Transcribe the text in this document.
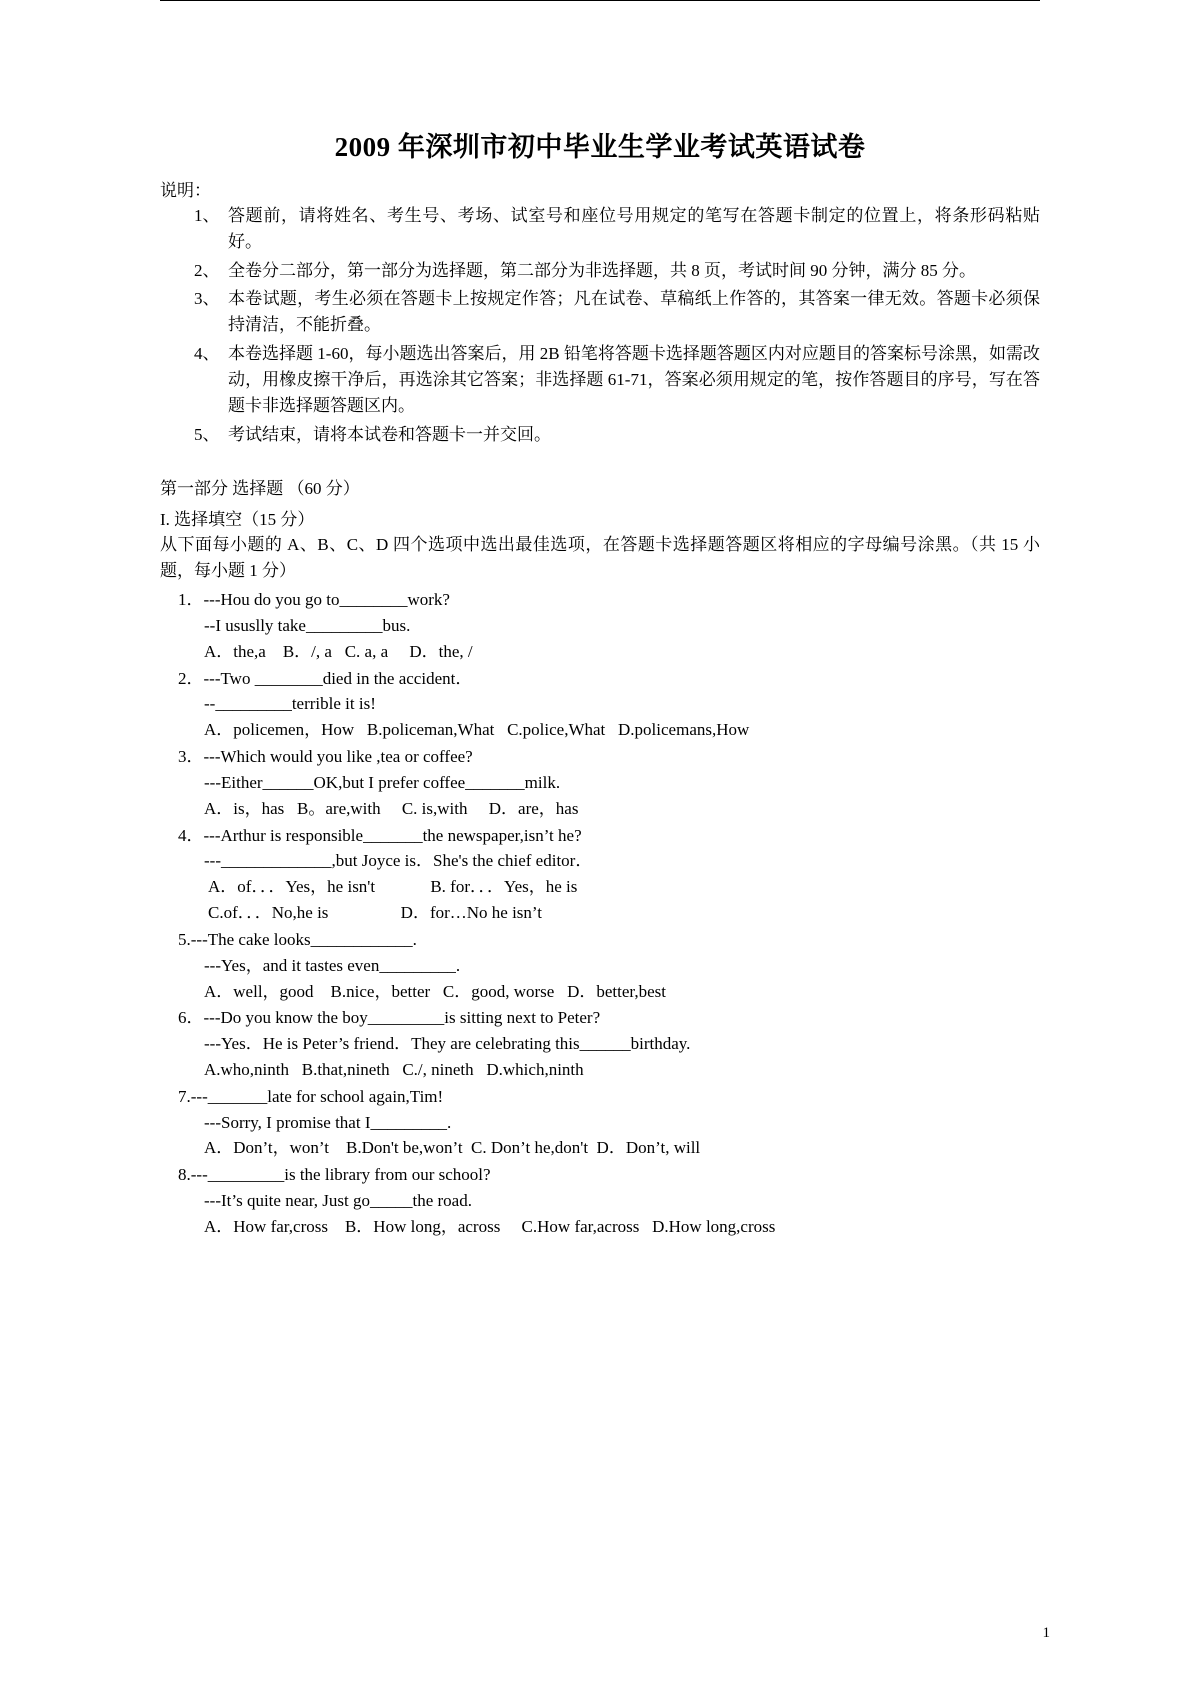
2009 年深圳市初中毕业生学业考试英语试卷
说明：
1、 答题前，请将姓名、考生号、考场、试室号和座位号用规定的笔写在答题卡制定的位置上，将条形码粘贴好。
2、 全卷分二部分，第一部分为选择题，第二部分为非选择题，共 8 页，考试时间 90 分钟，满分 85 分。
3、 本卷试题，考生必须在答题卡上按规定作答；凡在试卷、草稿纸上作答的，其答案一律无效。答题卡必须保持清洁，不能折叠。
4、 本卷选择题 1-60，每小题选出答案后，用 2B 铅笔将答题卡选择题答题区内对应题目的答案标号涂黑，如需改动，用橡皮擦干净后，再选涂其它答案；非选择题 61-71，答案必须用规定的笔，按作答题目的序号，写在答题卡非选择题答题区内。
5、 考试结束，请将本试卷和答题卡一并交回。
第一部分 选择题 （60 分）
I. 选择填空（15 分）
从下面每小题的 A、B、C、D 四个选项中选出最佳选项，在答题卡选择题答题区将相应的字母编号涂黑。（共 15 小题，每小题 1 分）
1．---Hou do you go to________work?
--I ususlly take_________bus.
A．the,a    B．/, a   C. a, a     D．the, /
2．---Two ________died in the accident．
--_________terrible it is!
A．policemen，How   B.policeman,What   C.police,What   D.policemans,How
3．---Which would you like ,tea or coffee?
---Either______OK,but I prefer coffee_______milk.
A．is，has   B。are,with     C. is,with     D．are，has
4．---Arthur is responsible_______the newspaper,isn’t he?
---_____________,but Joyce is．She's the chief editor．
A．of．．．Yes，he isn't             B. for．．．Yes，he is
C.of．．．No,he is                 D．for…No he isn’t
5.---The cake looks____________.
---Yes，and it tastes even_________.
A．well，good    B.nice，better   C．good, worse   D．better,best
6．---Do you know the boy_________is sitting next to Peter?
---Yes．He is Peter’s friend．They are celebrating this______birthday.
A.who,ninth   B.that,nineth   C./, nineth   D.which,ninth
7.---_______late for school again,Tim!
---Sorry, I promise that I_________.
A．Don’t，won’t    B.Don't be,won’t  C. Don’t he,don't  D．Don’t, will
8.---_________is the library from our school?
---It’s quite near, Just go_____the road.
A．How far,cross    B．How long，across     C.How far,across   D.How long,cross
1
